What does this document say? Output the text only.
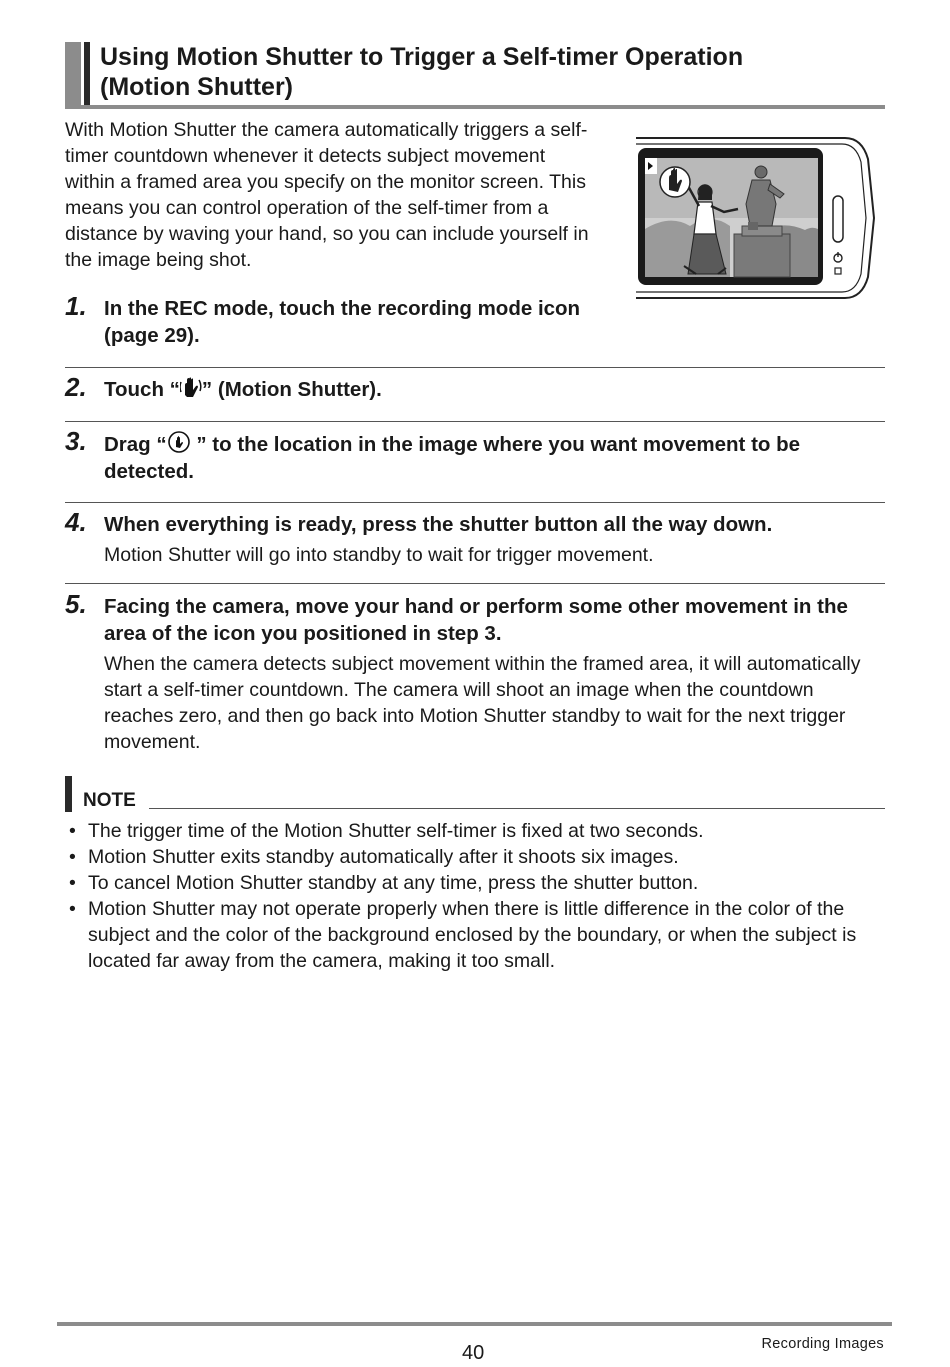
Using Motion Shutter to Trigger a Self-timer Operation
(Motion Shutter)

With Motion Shutter the camera automatically triggers a self-timer countdown whenever it detects subject movement within a framed area you specify on the monitor screen. This means you can control operation of the self-timer from a distance by waving your hand, so you can include yourself in the image being shot.

1. In the REC mode, touch the recording mode icon (page 29).

2. Touch “ ” (Motion Shutter).

3. Drag “ ” to the location in the image where you want movement to be detected.

4. When everything is ready, press the shutter button all the way down.

Motion Shutter will go into standby to wait for trigger movement.

5. Facing the camera, move your hand or perform some other movement in the area of the icon you positioned in step 3.

When the camera detects subject movement within the framed area, it will automatically start a self-timer countdown. The camera will shoot an image when the countdown reaches zero, and then go back into Motion Shutter standby to wait for the next trigger movement.

NOTE
• The trigger time of the Motion Shutter self-timer is fixed at two seconds.
• Motion Shutter exits standby automatically after it shoots six images.
• To cancel Motion Shutter standby at any time, press the shutter button.
• Motion Shutter may not operate properly when there is little difference in the color of the subject and the color of the background enclosed by the boundary, or when the subject is located far away from the camera, making it too small.
40	Recording Images
